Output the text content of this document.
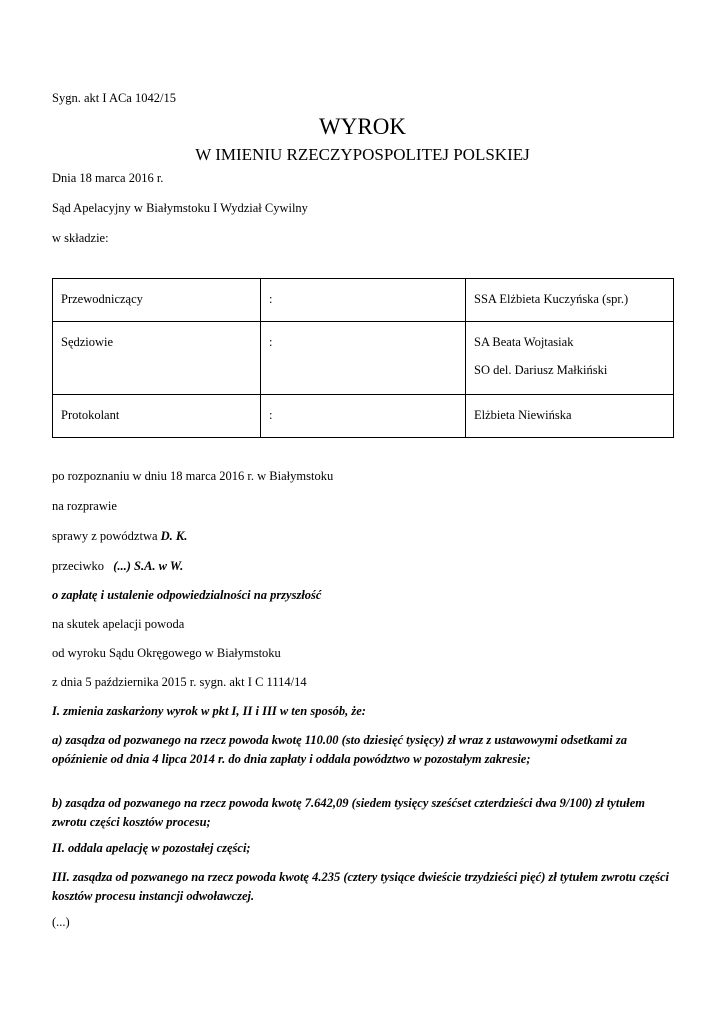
Sygn. akt I ACa 1042/15
WYROK
W IMIENIU RZECZYPOSPOLITEJ POLSKIEJ
Dnia 18 marca 2016 r.
Sąd Apelacyjny w Białymstoku I Wydział Cywilny
w składzie:
Przewodniczący	:	SSA Elżbieta Kuczyńska (spr.)

Sędziowie	:	SA Beata Wojtasiak
SO del. Dariusz Małkiński

Protokolant	:	Elżbieta Niewińska
po rozpoznaniu w dniu 18 marca 2016 r. w Białymstoku
na rozprawie
sprawy z powództwa D. K.
przeciwko (...) S.A. w W.
o zapłatę i ustalenie odpowiedzialności na przyszłość
na skutek apelacji powoda
od wyroku Sądu Okręgowego w Białymstoku
z dnia 5 października 2015 r. sygn. akt I C 1114/14
I. zmienia zaskarżony wyrok w pkt I, II i III w ten sposób, że:
a) zasądza od pozwanego na rzecz powoda kwotę 110.00 (sto dziesięć tysięcy) zł wraz z ustawowymi odsetkami za opóźnienie od dnia 4 lipca 2014 r. do dnia zapłaty i oddala powództwo w pozostałym zakresie;
b) zasądza od pozwanego na rzecz powoda kwotę 7.642,09 (siedem tysięcy sześćset czterdzieści dwa 9/100) zł tytułem zwrotu części kosztów procesu;
II. oddala apelację w pozostałej części;
III. zasądza od pozwanego na rzecz powoda kwotę 4.235 (cztery tysiące dwieście trzydzieści pięć) zł tytułem zwrotu części kosztów procesu instancji odwoławczej.
(...)
